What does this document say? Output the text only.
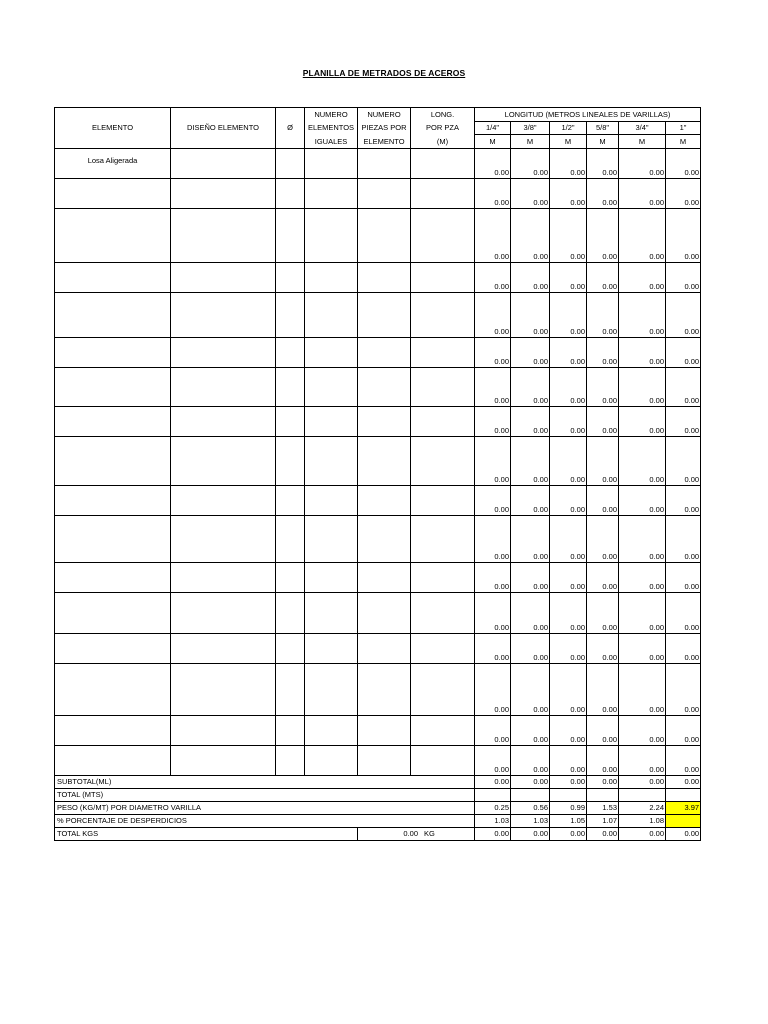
PLANILLA DE METRADOS DE ACEROS
ELEMENTO	DISEÑO ELEMENTO	Ø	NUMERO	NUMERO	LONG.	LONGITUD (METROS LINEALES DE VARILLAS)					
			ELEMENTOS	PIEZAS POR	POR PZA	1/4"	3/8"	1/2"	5/8"	3/4"	1"
			IGUALES	ELEMENTO	(M)	M	M	M	M	M	M
Losa Aligerada						0.00	0.00	0.00	0.00	0.00	0.00
						0.00	0.00	0.00	0.00	0.00	0.00
						0.00	0.00	0.00	0.00	0.00	0.00
						0.00	0.00	0.00	0.00	0.00	0.00
						0.00	0.00	0.00	0.00	0.00	0.00
						0.00	0.00	0.00	0.00	0.00	0.00
						0.00	0.00	0.00	0.00	0.00	0.00
						0.00	0.00	0.00	0.00	0.00	0.00
						0.00	0.00	0.00	0.00	0.00	0.00
						0.00	0.00	0.00	0.00	0.00	0.00
						0.00	0.00	0.00	0.00	0.00	0.00
						0.00	0.00	0.00	0.00	0.00	0.00
						0.00	0.00	0.00	0.00	0.00	0.00
						0.00	0.00	0.00	0.00	0.00	0.00
						0.00	0.00	0.00	0.00	0.00	0.00
						0.00	0.00	0.00	0.00	0.00	0.00
						0.00	0.00	0.00	0.00	0.00	0.00
SUBTOTAL(ML)						0.00	0.00	0.00	0.00	0.00	0.00
TOTAL (MTS)											
PESO (KG/MT) POR DIAMETRO VARILLA						0.25	0.56	0.99	1.53	2.24	3.97
% PORCENTAJE DE DESPERDICIOS						1.03	1.03	1.05	1.07	1.08	
TOTAL KGS				0.00 KG		0.00	0.00	0.00	0.00	0.00	0.00
